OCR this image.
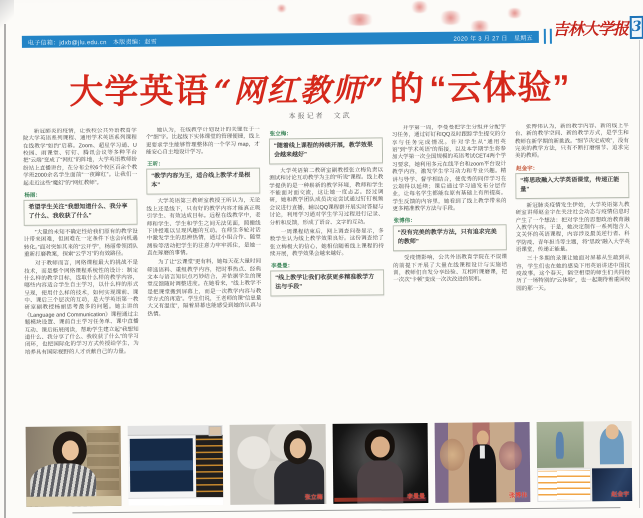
电子信箱：jdxb@jlu.edu.cn　本版责编：赵雪
2020 年 3 月 27 日　星期五
吉林大学报 3
大学英语 “网红教师” 的 “云体验”
本报记者　文武

新冠肺炎的疫情，让我校公共外语教育学院大学英语系列课程、通用学术英语系列课程在线教学“如约”启幕。Zoom、超星学习通、U校园、雨课堂、钉钉、腾讯会议等多种平台把“云端”变成了“网红”的阵地，大学英语教师纷纷站上直播讲台，在分布全校6个校区百余个教学班2000余名学生面前“一夜蹿红”。让我们一起走近这些“魔幻”的“网红教师”。

杨丽：
希望学生关注“我想知道什么、我分享了什么、我收获了什么”

“大量的未知不确定性给我们原有的教学设计带来困难，但困难在一定条件下也会向机遇转化。”面对突如其来的“云开学”，杨丽带领团队重新打磨教案，探索“云学习”的有效路径。

对于教师而言，网络课程最大的挑战不是技术，而是整个网络课程系统性的设计：制定什么样的教学目标，选取什么样的教学内容，哪些内容适合学生自主学习，以什么样的形式呈现，使用什么样的技术，如何实现课前、课中、课后三个层次的互动，是大学英语第一教研室副教授杨丽思考最多的问题。她主讲的《Language and Communication》课程通过主题模块设置、课前自主学习任务单、课中直播互动、课后拓展阅读，帮助学生建立起“我想知道什么、我分享了什么、我收获了什么”的学习闭环，也把国际化的学习方式传授给学生，为培养具有国际视野的人才贡献自己的力量。

她认为，在线教学计划设计的关键在于一个“细”字。比起线下实体课堂的管理便捷，线上更要求学生能够管理整体的一个学习 map，才能安心自主地设计学习。

王昕：
“教学内容为王，适合线上教学才是根本”

大学英语第三教研室教授王昕认为，无论线上还是线下，只有好的教学内容才能真正吸引学生、有效达成目标。远程在线教学中，老师和学生、学生和学生之间无法见面，照搬线下讲授难以呈现风趣的互动。在师生多轮对话中激发学生的思辨热情，通过小组合作、随堂测验等活动把学生的注意力牢牢抓住，是她一直在琢磨的事情。

为了让“云课堂”更有料，她每天花大量时间筛选语料、重组教学内容，把时事热点、经典文本与语言知识点巧妙结合，并依据学生的课堂反馈随时调整进度。在她看来，“线上教学不是把课堂搬到屏幕上，而是一次教学内容与教学方式的再造”。学生们说，王老师的课“信息量大又有温度”，隔着屏幕也能感受到她的认真与热情。

张立梅：
“随着线上课程的持续开展，教学效果会越来越好”

大学英语第二教研室副教授张立梅负责以测试和讨论互动教学为主的“听说”课程。线上教学提供的是一种崭新的教学环境，教师和学生不能面对面交流，这让她一度忐忑。经过调研，她和教学团队成员决定尝试通过钉钉视频会议进行直播，辅以QQ课程群开展实时答疑与讨论，利用学习通对学生学习过程进行记录、分析和反馈，形成了语音、文字的互动。

一周课程结束后，网上调查问卷显示，多数学生认为线上教学效果良好。这份调查给了张立梅极大的信心，她相信随着线上课程的持续开展，教学效果会越来越好。

李曼曼：
“线上教学让我们收获更多精准教学方法与手段”

开学第一周，李曼曼把学生分组并分配学习任务，通过钉钉和QQ及时跟踪学生提交的分享与任务完成情况。针对学生从“通用英语”到“学术英语”的衔接，以及本学期学生将参加大学第一次全国规模的英语考试CET4两个学习要求，她利用多元在线平台和zoom平台设计教学内容，激发学生学习动力和专业兴趣。精讲与导学、督学相结合，使优秀的同伴学习在云端得以延续；课后通过学习通发布分层作业，让每名学生都能在原有基础上有所提高。学生反馈的内容里，她看到了线上教学带来的更多精准教学方法与手段。

张博伟：
“没有完美的教学方法，只有追求完美的教师”

受疫情影响，公共外语教育学院在不误课的前提下开展了大量在线课程设计与实施培训，教师们自发分享经验、互相听课磨课，把一次次“卡顿”变成一次次改进的契机。

张博伟认为，新的教学内容、新的线上平台、新的教学空间、新的教学方式，是学生和教师在新学期的新挑战。“细节决定成败”，没有完美的教学方法，只有不断打磨细节、追求完美的教师。

赵金宇：
“将思政融入大学英语课堂，传递正能量”

新冠肺炎疫情发生伊始，大学英语第九教研室讲师赵金宇在关注社会动态与疫情信息时产生了一个想法：把对学生的思想政治教育融入教学内容。于是，她决定制作一系列饱含人文关怀的英语课程，内容涉及最美逆行者、科学防疫、青年担当等主题，将“思政”融入大学英语课堂，传递正能量。

三十多期的录课让她面对屏幕从生疏到从容，学生们也在她的感染下用英语讲述中国抗疫故事。这个春天，隔空相望的师生们共同经历了一场特别的“云体验”，也一起期待着重回校园的那一天。

张立梅	李曼曼	张博伟	赵金宇
